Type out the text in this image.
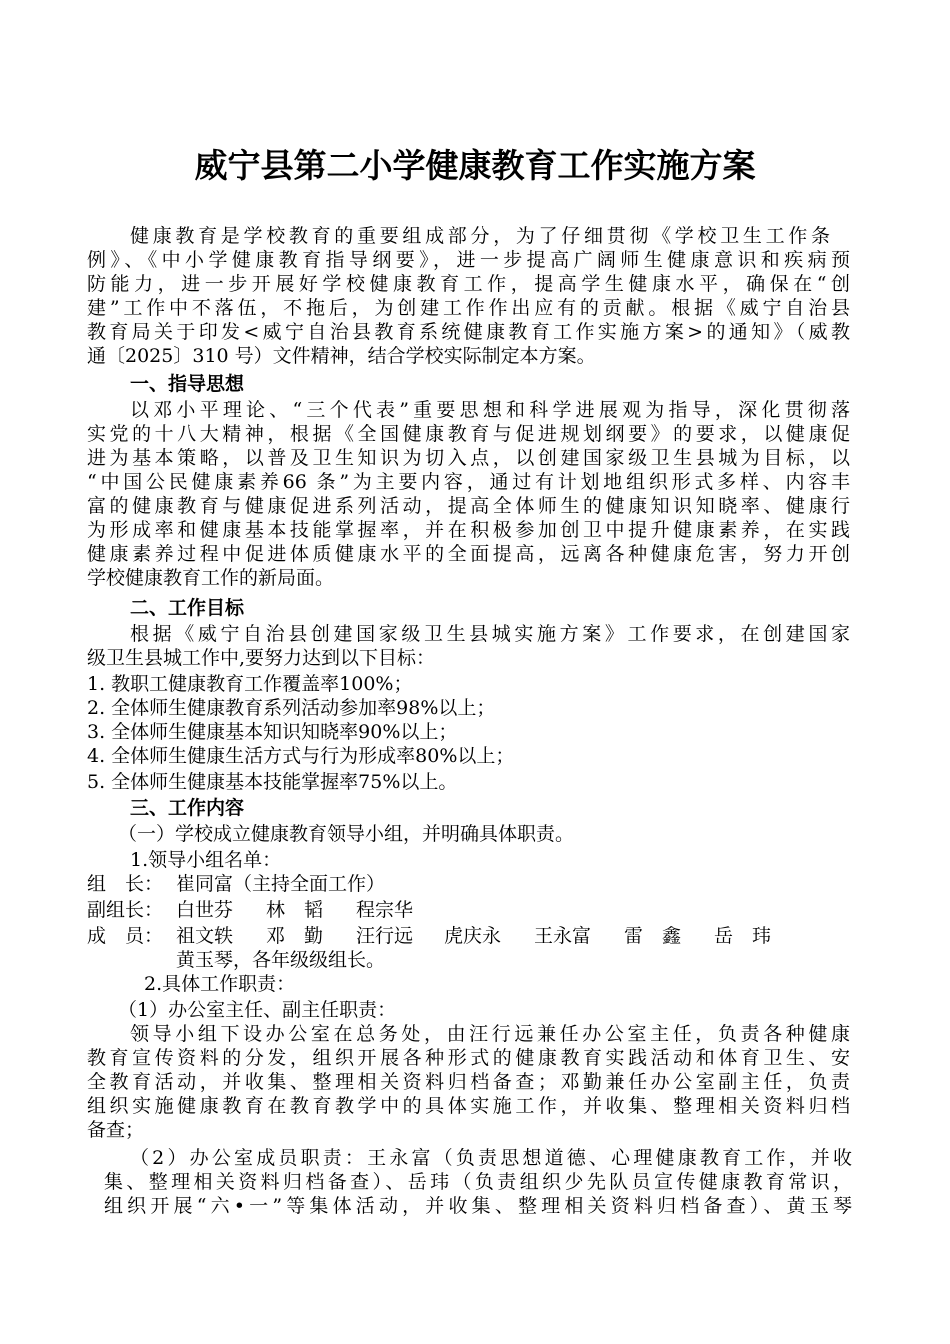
威宁县第二小学健康教育工作实施方案
健康教育是学校教育的重要组成部分，为了仔细贯彻《学校卫生工作条
例》、《中小学健康教育指导纲要》，进一步提高广阔师生健康意识和疾病预
防能力，进一步开展好学校健康教育工作，提高学生健康水平，确保在“创
建”工作中不落伍，不拖后，为创建工作作出应有的贡献。根据《威宁自治县
教育局关于印发<威宁自治县教育系统健康教育工作实施方案>的通知》（威教
通〔2025〕310 号）文件精神，结合学校实际制定本方案。
一、指导思想
以邓小平理论、“三个代表”重要思想和科学进展观为指导，深化贯彻落
实党的十八大精神，根据《全国健康教育与促进规划纲要》的要求，以健康促
进为基本策略，以普及卫生知识为切入点，以创建国家级卫生县城为目标，以
“中国公民健康素养66 条”为主要内容，通过有计划地组织形式多样、内容丰
富的健康教育与健康促进系列活动，提高全体师生的健康知识知晓率、健康行
为形成率和健康基本技能掌握率，并在积极参加创卫中提升健康素养，在实践
健康素养过程中促进体质健康水平的全面提高，远离各种健康危害，努力开创
学校健康教育工作的新局面。
二、工作目标
根据《威宁自治县创建国家级卫生县城实施方案》工作要求，在创建国家
级卫生县城工作中,要努力达到以下目标：
1. 教职工健康教育工作覆盖率100%；
2. 全体师生健康教育系列活动参加率98%以上；
3. 全体师生健康基本知识知晓率90%以上；
4. 全体师生健康生活方式与行为形成率80%以上；
5. 全体师生健康基本技能掌握率75%以上。
三、工作内容
（一）学校成立健康教育领导小组，并明确具体职责。
1.领导小组名单：
组　长： 崔同富（主持全面工作）
副组长： 白世芬 林　韬 程宗华
成　员： 祖文轶 邓　勤 汪行远 虎庆永 王永富 雷　鑫 岳　玮
黄玉琴，各年级级组长。
2.具体工作职责：
（1）办公室主任、副主任职责：
领导小组下设办公室在总务处，由汪行远兼任办公室主任，负责各种健康
教育宣传资料的分发，组织开展各种形式的健康教育实践活动和体育卫生、安
全教育活动，并收集、整理相关资料归档备查；邓勤兼任办公室副主任，负责
组织实施健康教育在教育教学中的具体实施工作，并收集、整理相关资料归档
备查；
（2）办公室成员职责：王永富（负责思想道德、心理健康教育工作，并收
集、整理相关资料归档备查）、岳玮（负责组织少先队员宣传健康教育常识，
组织开展“六•一”等集体活动，并收集、整理相关资料归档备查）、黄玉琴
